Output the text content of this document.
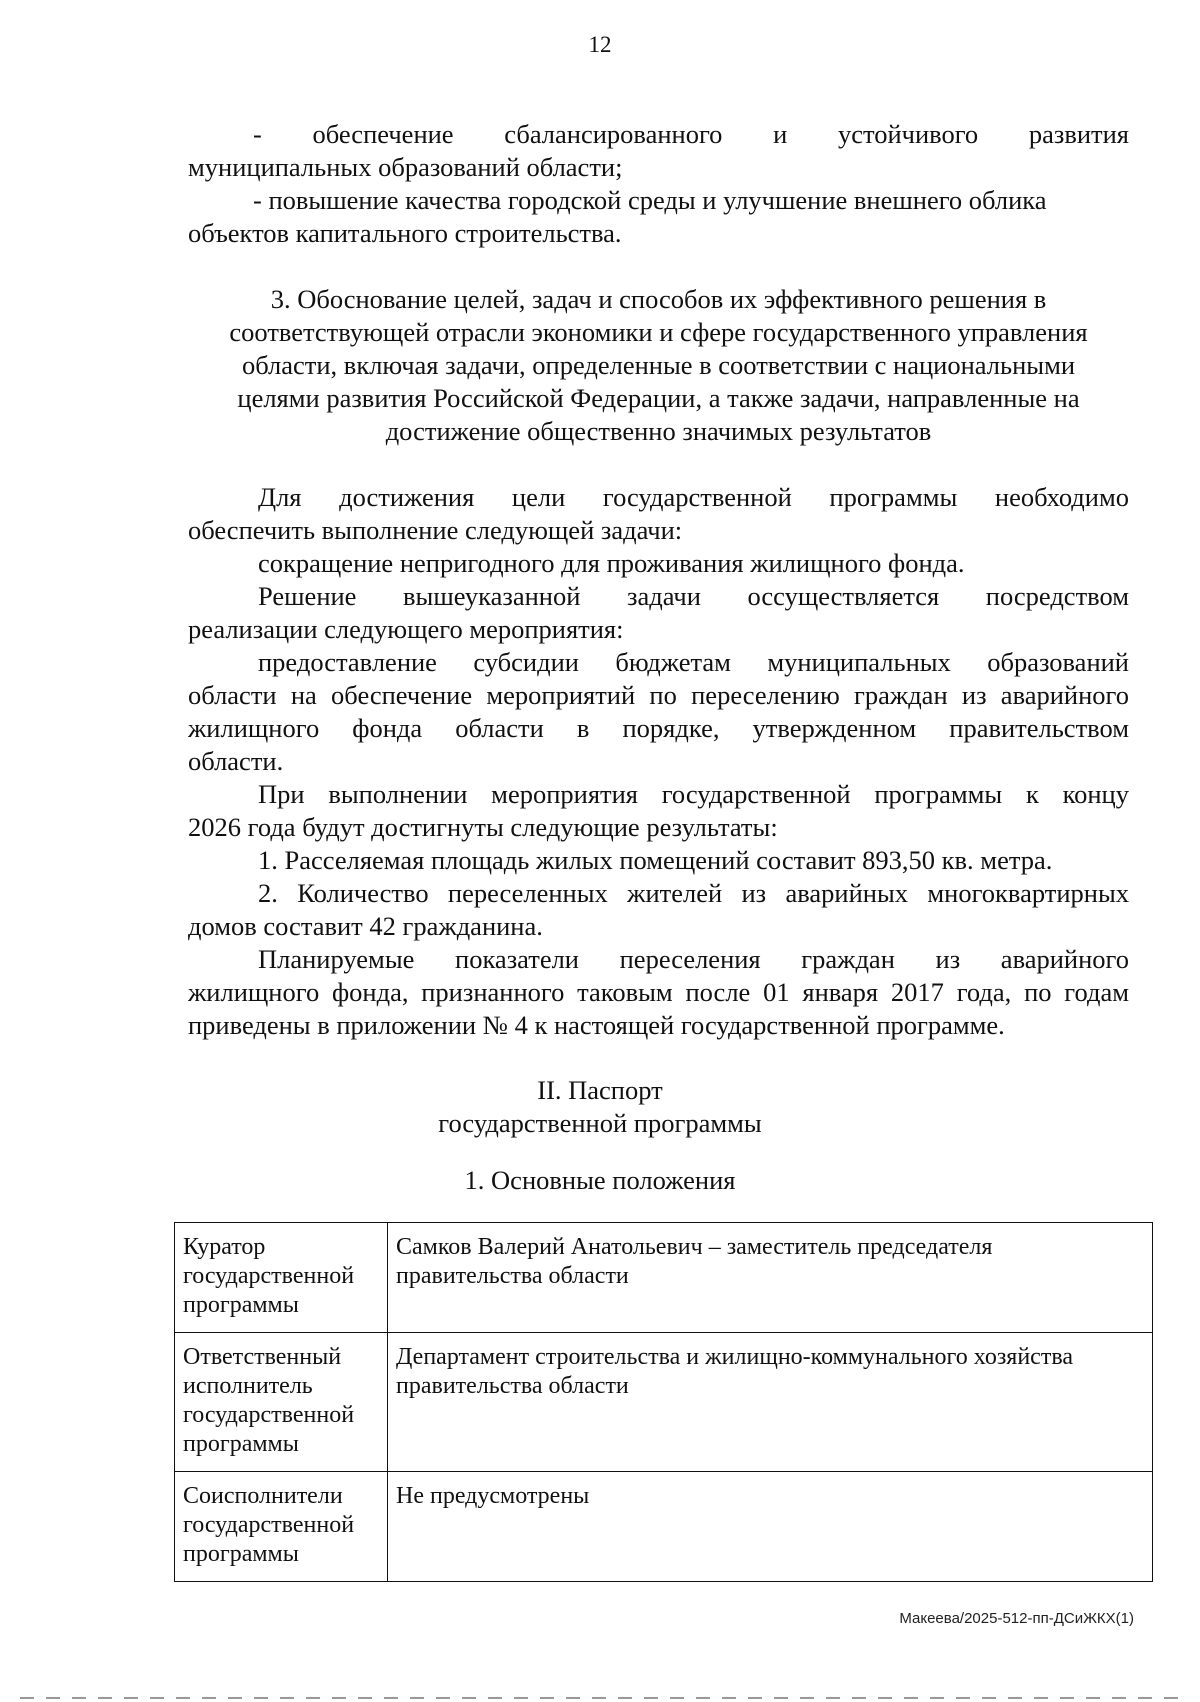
12
- обеспечение сбалансированного и устойчивого развития
муниципальных образований области;
- повышение качества городской среды и улучшение внешнего облика
объектов капитального строительства.
3. Обоснование целей, задач и способов их эффективного решения в
соответствующей отрасли экономики и сфере государственного управления
области, включая задачи, определенные в соответствии с национальными
целями развития Российской Федерации, а также задачи, направленные на
достижение общественно значимых результатов
Для достижения цели государственной программы необходимо
обеспечить выполнение следующей задачи:
сокращение непригодного для проживания жилищного фонда.
Решение вышеуказанной задачи оссуществляется посредством
реализации следующего мероприятия:
предоставление субсидии бюджетам муниципальных образований
области на обеспечение мероприятий по переселению граждан из аварийного
жилищного фонда области в порядке, утвержденном правительством
области.
При выполнении мероприятия государственной программы к концу
2026 года будут достигнуты следующие результаты:
1. Расселяемая площадь жилых помещений составит 893,50 кв. метра.
2. Количество переселенных жителей из аварийных многоквартирных
домов составит 42 гражданина.
Планируемые показатели переселения граждан из аварийного
жилищного фонда, признанного таковым после 01 января 2017 года, по годам
приведены в приложении № 4 к настоящей государственной программе.
II. Паспорт
государственной программы
1. Основные положения
Куратор государственной программы	Самков Валерий Анатольевич – заместитель председателя правительства области
Ответственный исполнитель государственной программы	Департамент строительства и жилищно-коммунального хозяйства правительства области
Соисполнители государственной программы	Не предусмотрены
Макеева/2025-512-пп-ДСиЖКХ(1)
